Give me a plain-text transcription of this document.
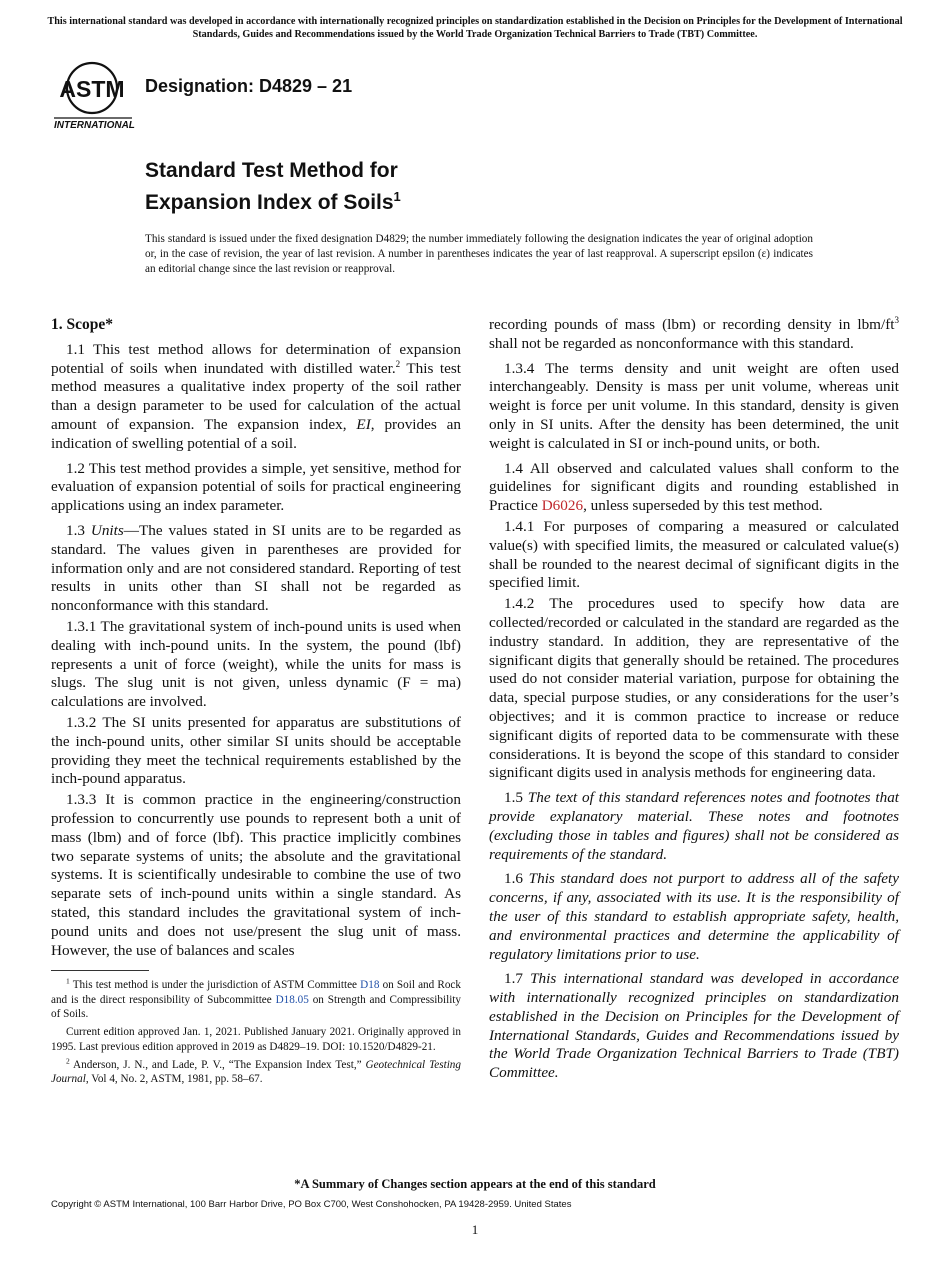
This international standard was developed in accordance with internationally recognized principles on standardization established in the Decision on Principles for the Development of International Standards, Guides and Recommendations issued by the World Trade Organization Technical Barriers to Trade (TBT) Committee.
ASTM
INTERNATIONAL
Designation: D4829 – 21
Standard Test Method for
Expansion Index of Soils$^1$
This standard is issued under the fixed designation D4829; the number immediately following the designation indicates the year of original adoption or, in the case of revision, the year of last revision. A number in parentheses indicates the year of last reapproval. A superscript epsilon (ε) indicates an editorial change since the last revision or reapproval.
1. Scope*

1.1 This test method allows for determination of expansion potential of soils when inundated with distilled water.$^2$ This test method measures a qualitative index property of the soil rather than a design parameter to be used for calculation of the actual amount of expansion. The expansion index, EI, provides an indication of swelling potential of a soil.

1.2 This test method provides a simple, yet sensitive, method for evaluation of expansion potential of soils for practical engineering applications using an index parameter.

1.3 Units—The values stated in SI units are to be regarded as standard. The values given in parentheses are provided for information only and are not considered standard. Reporting of test results in units other than SI shall not be regarded as nonconformance with this standard.

1.3.1 The gravitational system of inch-pound units is used when dealing with inch-pound units. In the system, the pound (lbf) represents a unit of force (weight), while the units for mass is slugs. The slug unit is not given, unless dynamic (F = ma) calculations are involved.

1.3.2 The SI units presented for apparatus are substitutions of the inch-pound units, other similar SI units should be acceptable providing they meet the technical requirements established by the inch-pound apparatus.

1.3.3 It is common practice in the engineering/construction profession to concurrently use pounds to represent both a unit of mass (lbm) and of force (lbf). This practice implicitly combines two separate systems of units; the absolute and the gravitational systems. It is scientifically undesirable to combine the use of two separate sets of inch-pound units within a single standard. As stated, this standard includes the gravitational system of inch-pound units and does not use/present the slug unit of mass. However, the use of balances and scales

$^1$ This test method is under the jurisdiction of ASTM Committee D18 on Soil and Rock and is the direct responsibility of Subcommittee D18.05 on Strength and Compressibility of Soils.

Current edition approved Jan. 1, 2021. Published January 2021. Originally approved in 1995. Last previous edition approved in 2019 as D4829–19. DOI: 10.1520/D4829-21.

$^2$ Anderson, J. N., and Lade, P. V., “The Expansion Index Test,” Geotechnical Testing Journal, Vol 4, No. 2, ASTM, 1981, pp. 58–67.

recording pounds of mass (lbm) or recording density in lbm/$ft^3$ shall not be regarded as nonconformance with this standard.

1.3.4 The terms density and unit weight are often used interchangeably. Density is mass per unit volume, whereas unit weight is force per unit volume. In this standard, density is given only in SI units. After the density has been determined, the unit weight is calculated in SI or inch-pound units, or both.

1.4 All observed and calculated values shall conform to the guidelines for significant digits and rounding established in Practice D6026, unless superseded by this test method.

1.4.1 For purposes of comparing a measured or calculated value(s) with specified limits, the measured or calculated value(s) shall be rounded to the nearest decimal of significant digits in the specified limit.

1.4.2 The procedures used to specify how data are collected/recorded or calculated in the standard are regarded as the industry standard. In addition, they are representative of the significant digits that generally should be retained. The procedures used do not consider material variation, purpose for obtaining the data, special purpose studies, or any considerations for the user’s objectives; and it is common practice to increase or reduce significant digits of reported data to be commensurate with these considerations. It is beyond the scope of this standard to consider significant digits used in analysis methods for engineering data.

1.5 The text of this standard references notes and footnotes that provide explanatory material. These notes and footnotes (excluding those in tables and figures) shall not be considered as requirements of the standard.

1.6 This standard does not purport to address all of the safety concerns, if any, associated with its use. It is the responsibility of the user of this standard to establish appropriate safety, health, and environmental practices and determine the applicability of regulatory limitations prior to use.

1.7 This international standard was developed in accordance with internationally recognized principles on standardization established in the Decision on Principles for the Development of International Standards, Guides and Recommendations issued by the World Trade Organization Technical Barriers to Trade (TBT) Committee.

*A Summary of Changes section appears at the end of this standard
Copyright © ASTM International, 100 Barr Harbor Drive, PO Box C700, West Conshohocken, PA 19428-2959. United States
1
